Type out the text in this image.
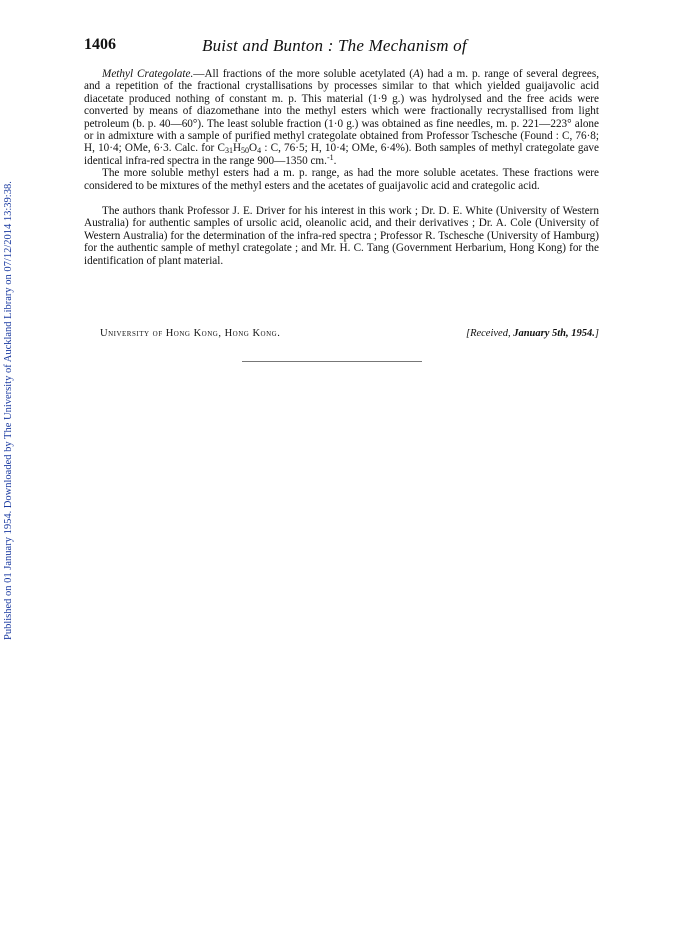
Published on 01 January 1954. Downloaded by The University of Auckland Library on 07/12/2014 13:39:38.
1406	Buist and Bunton : The Mechanism of

Methyl Crategolate.—All fractions of the more soluble acetylated (A) had a m. p. range of several degrees, and a repetition of the fractional crystallisations by processes similar to that which yielded guaijavolic acid diacetate produced nothing of constant m. p. This material (1·9 g.) was hydrolysed and the free acids were converted by means of diazomethane into the methyl esters which were fractionally recrystallised from light petroleum (b. p. 40—60°). The least soluble fraction (1·0 g.) was obtained as fine needles, m. p. 221—223° alone or in admixture with a sample of purified methyl crategolate obtained from Professor Tschesche (Found : C, 76·8; H, 10·4; OMe, 6·3. Calc. for $C_{31}H_{50}O_4$ : C, 76·5; H, 10·4; OMe, 6·4%). Both samples of methyl crategolate gave identical infra-red spectra in the range 900—1350 cm.$^{-1}$.

The more soluble methyl esters had a m. p. range, as had the more soluble acetates. These fractions were considered to be mixtures of the methyl esters and the acetates of guaijavolic acid and crategolic acid.

The authors thank Professor J. E. Driver for his interest in this work ; Dr. D. E. White (University of Western Australia) for authentic samples of ursolic acid, oleanolic acid, and their derivatives ; Dr. A. Cole (University of Western Australia) for the determination of the infra-red spectra ; Professor R. Tschesche (University of Hamburg) for the authentic sample of methyl crategolate ; and Mr. H. C. Tang (Government Herbarium, Hong Kong) for the identification of plant material.

University of Hong Kong, Hong Kong.	[Received, January 5th, 1954.]
